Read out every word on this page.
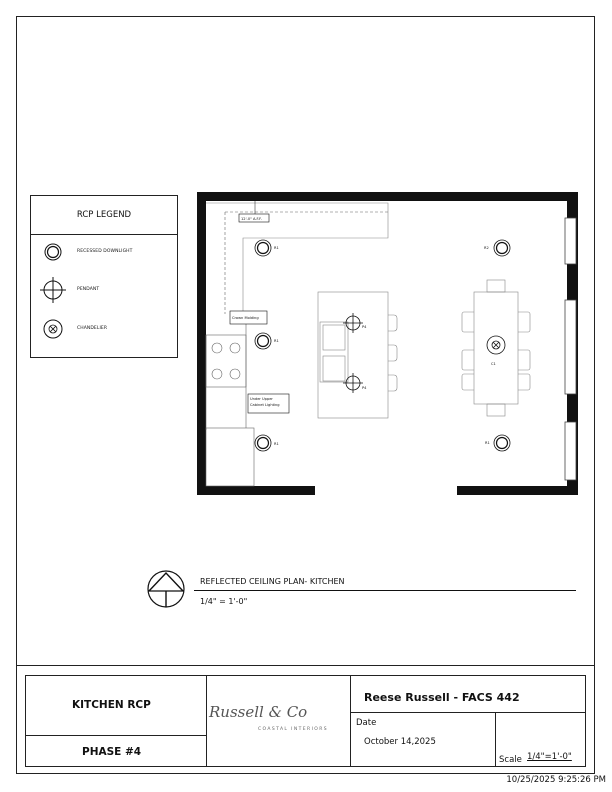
RCP LEGEND
RECESSED DOWNLIGHT
PENDANT
CHANDELIER
R1
R1
R1
R2
R1
P4
P4
C1
12'-0" A.F.F.
Crown Molding
Under Upper
Cabinet Lighting
REFLECTED CEILING PLAN- KITCHEN
1/4" = 1'-0"
KITCHEN RCP
PHASE #4
Russell & Co
COASTAL INTERIORS
Reese Russell - FACS 442
Date
October 14,2025
Scale 1/4"=1'-0"
10/25/2025 9:25:26 PM
